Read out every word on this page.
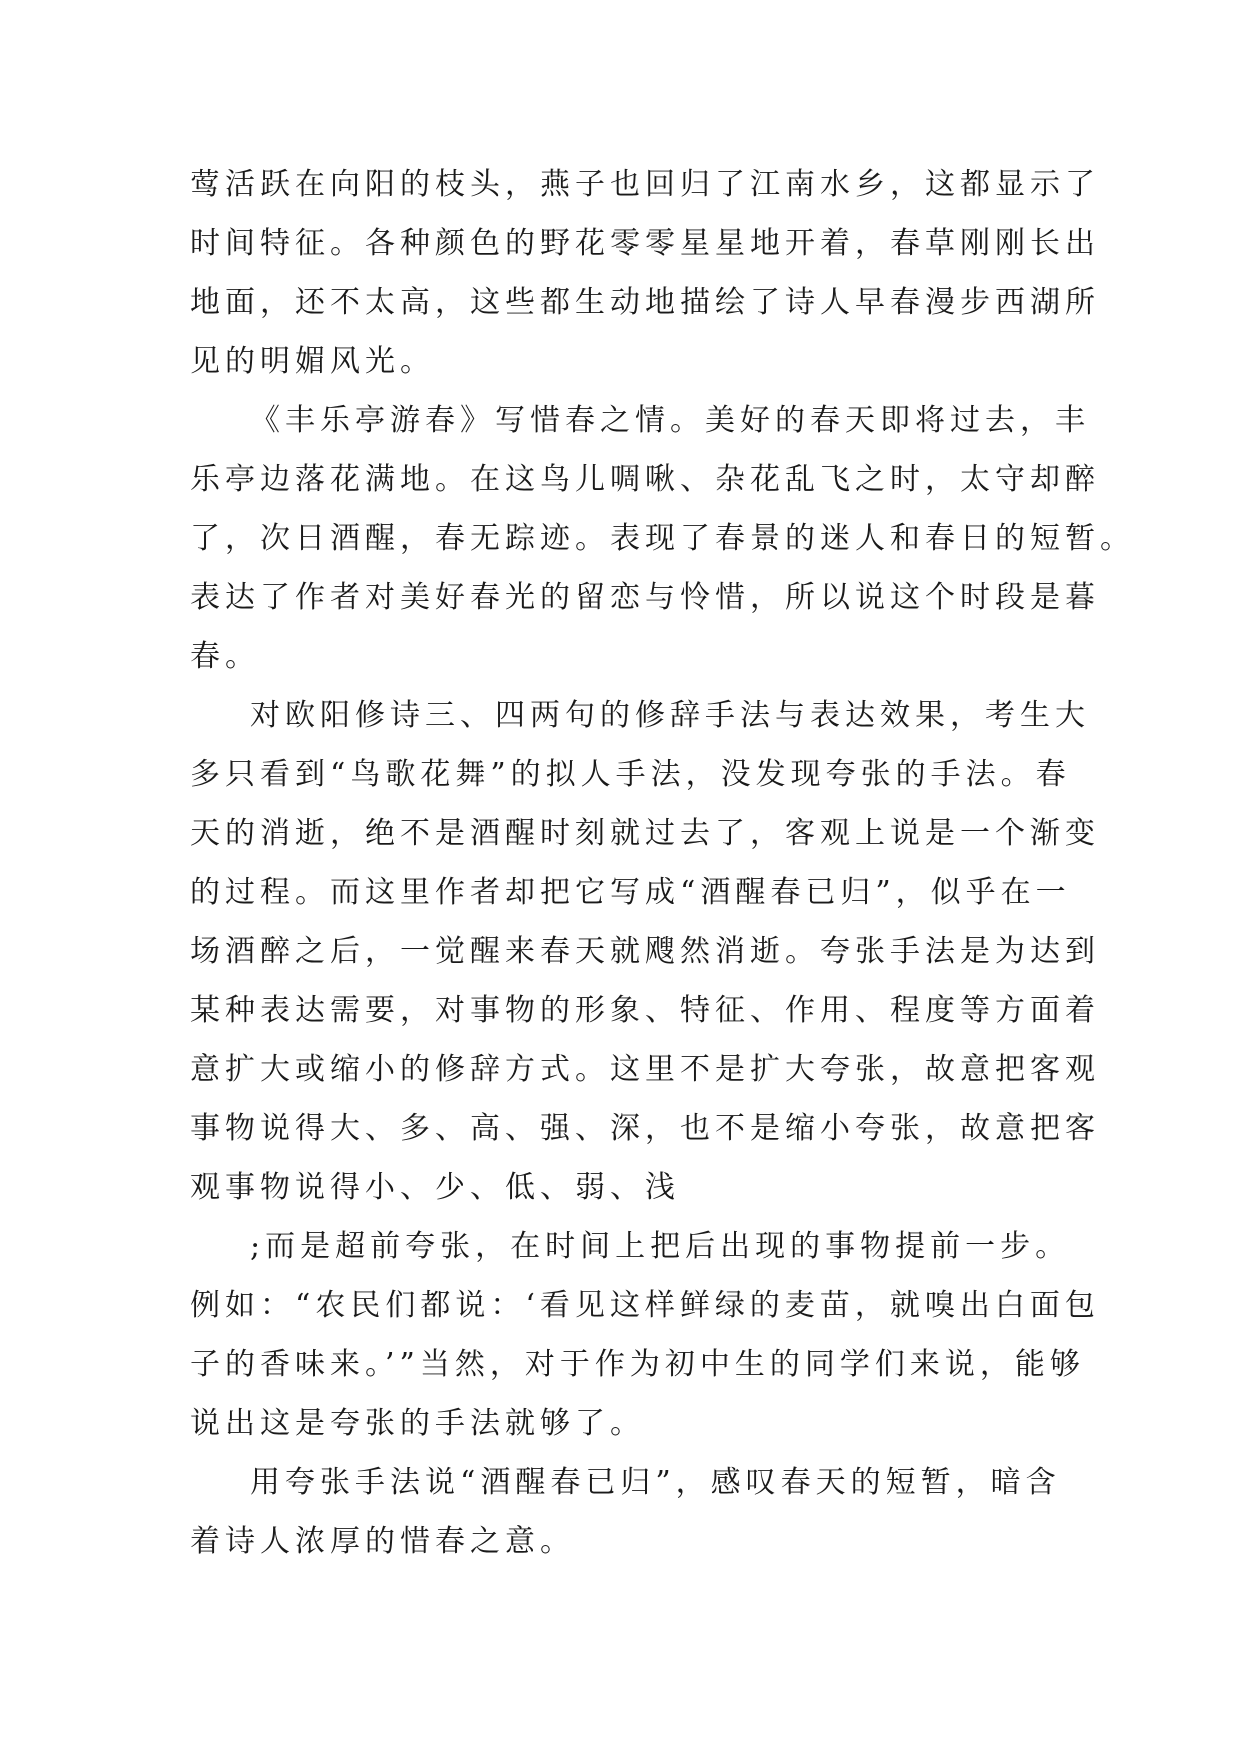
莺活跃在向阳的枝头，燕子也回归了江南水乡，这都显示了
时间特征。各种颜色的野花零零星星地开着，春草刚刚长出
地面，还不太高，这些都生动地描绘了诗人早春漫步西湖所
见的明媚风光。
《丰乐亭游春》写惜春之情。美好的春天即将过去，丰
乐亭边落花满地。在这鸟儿啁啾、杂花乱飞之时，太守却醉
了，次日酒醒，春无踪迹。表现了春景的迷人和春日的短暂。
表达了作者对美好春光的留恋与怜惜，所以说这个时段是暮
春。
对欧阳修诗三、四两句的修辞手法与表达效果，考生大
多只看到“鸟歌花舞”的拟人手法，没发现夸张的手法。春
天的消逝，绝不是酒醒时刻就过去了，客观上说是一个渐变
的过程。而这里作者却把它写成“酒醒春已归”，似乎在一
场酒醉之后，一觉醒来春天就飕然消逝。夸张手法是为达到
某种表达需要，对事物的形象、特征、作用、程度等方面着
意扩大或缩小的修辞方式。这里不是扩大夸张，故意把客观
事物说得大、多、高、强、深，也不是缩小夸张，故意把客
观事物说得小、少、低、弱、浅
;而是超前夸张，在时间上把后出现的事物提前一步。
例如：“农民们都说：‘看见这样鲜绿的麦苗，就嗅出白面包
子的香味来。’”当然，对于作为初中生的同学们来说，能够
说出这是夸张的手法就够了。
用夸张手法说“酒醒春已归”，感叹春天的短暂，暗含
着诗人浓厚的惜春之意。
